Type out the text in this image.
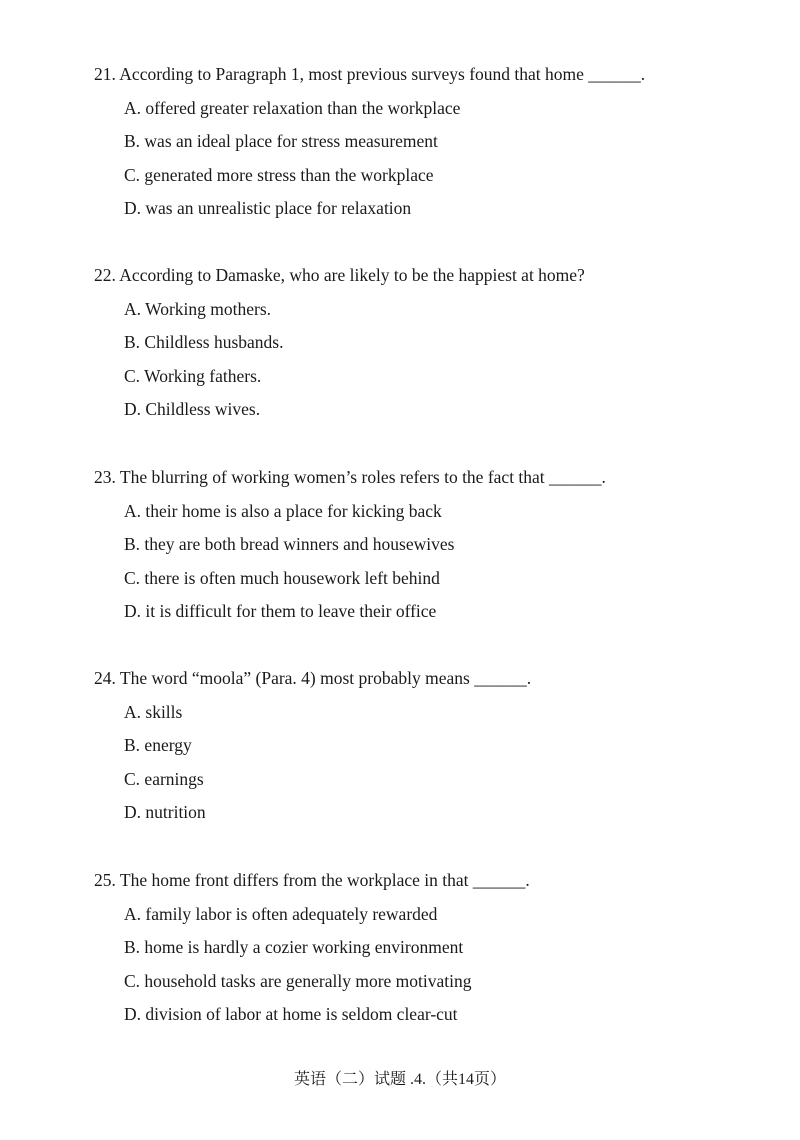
21. According to Paragraph 1, most previous surveys found that home ______.
A. offered greater relaxation than the workplace
B. was an ideal place for stress measurement
C. generated more stress than the workplace
D. was an unrealistic place for relaxation
22. According to Damaske, who are likely to be the happiest at home?
A. Working mothers.
B. Childless husbands.
C. Working fathers.
D. Childless wives.
23. The blurring of working women’s roles refers to the fact that ______.
A. their home is also a place for kicking back
B. they are both bread winners and housewives
C. there is often much housework left behind
D. it is difficult for them to leave their office
24. The word “moola” (Para. 4) most probably means ______.
A. skills
B. energy
C. earnings
D. nutrition
25. The home front differs from the workplace in that ______.
A. family labor is often adequately rewarded
B. home is hardly a cozier working environment
C. household tasks are generally more motivating
D. division of labor at home is seldom clear-cut
英语（二）试题 .4.（共14页）
